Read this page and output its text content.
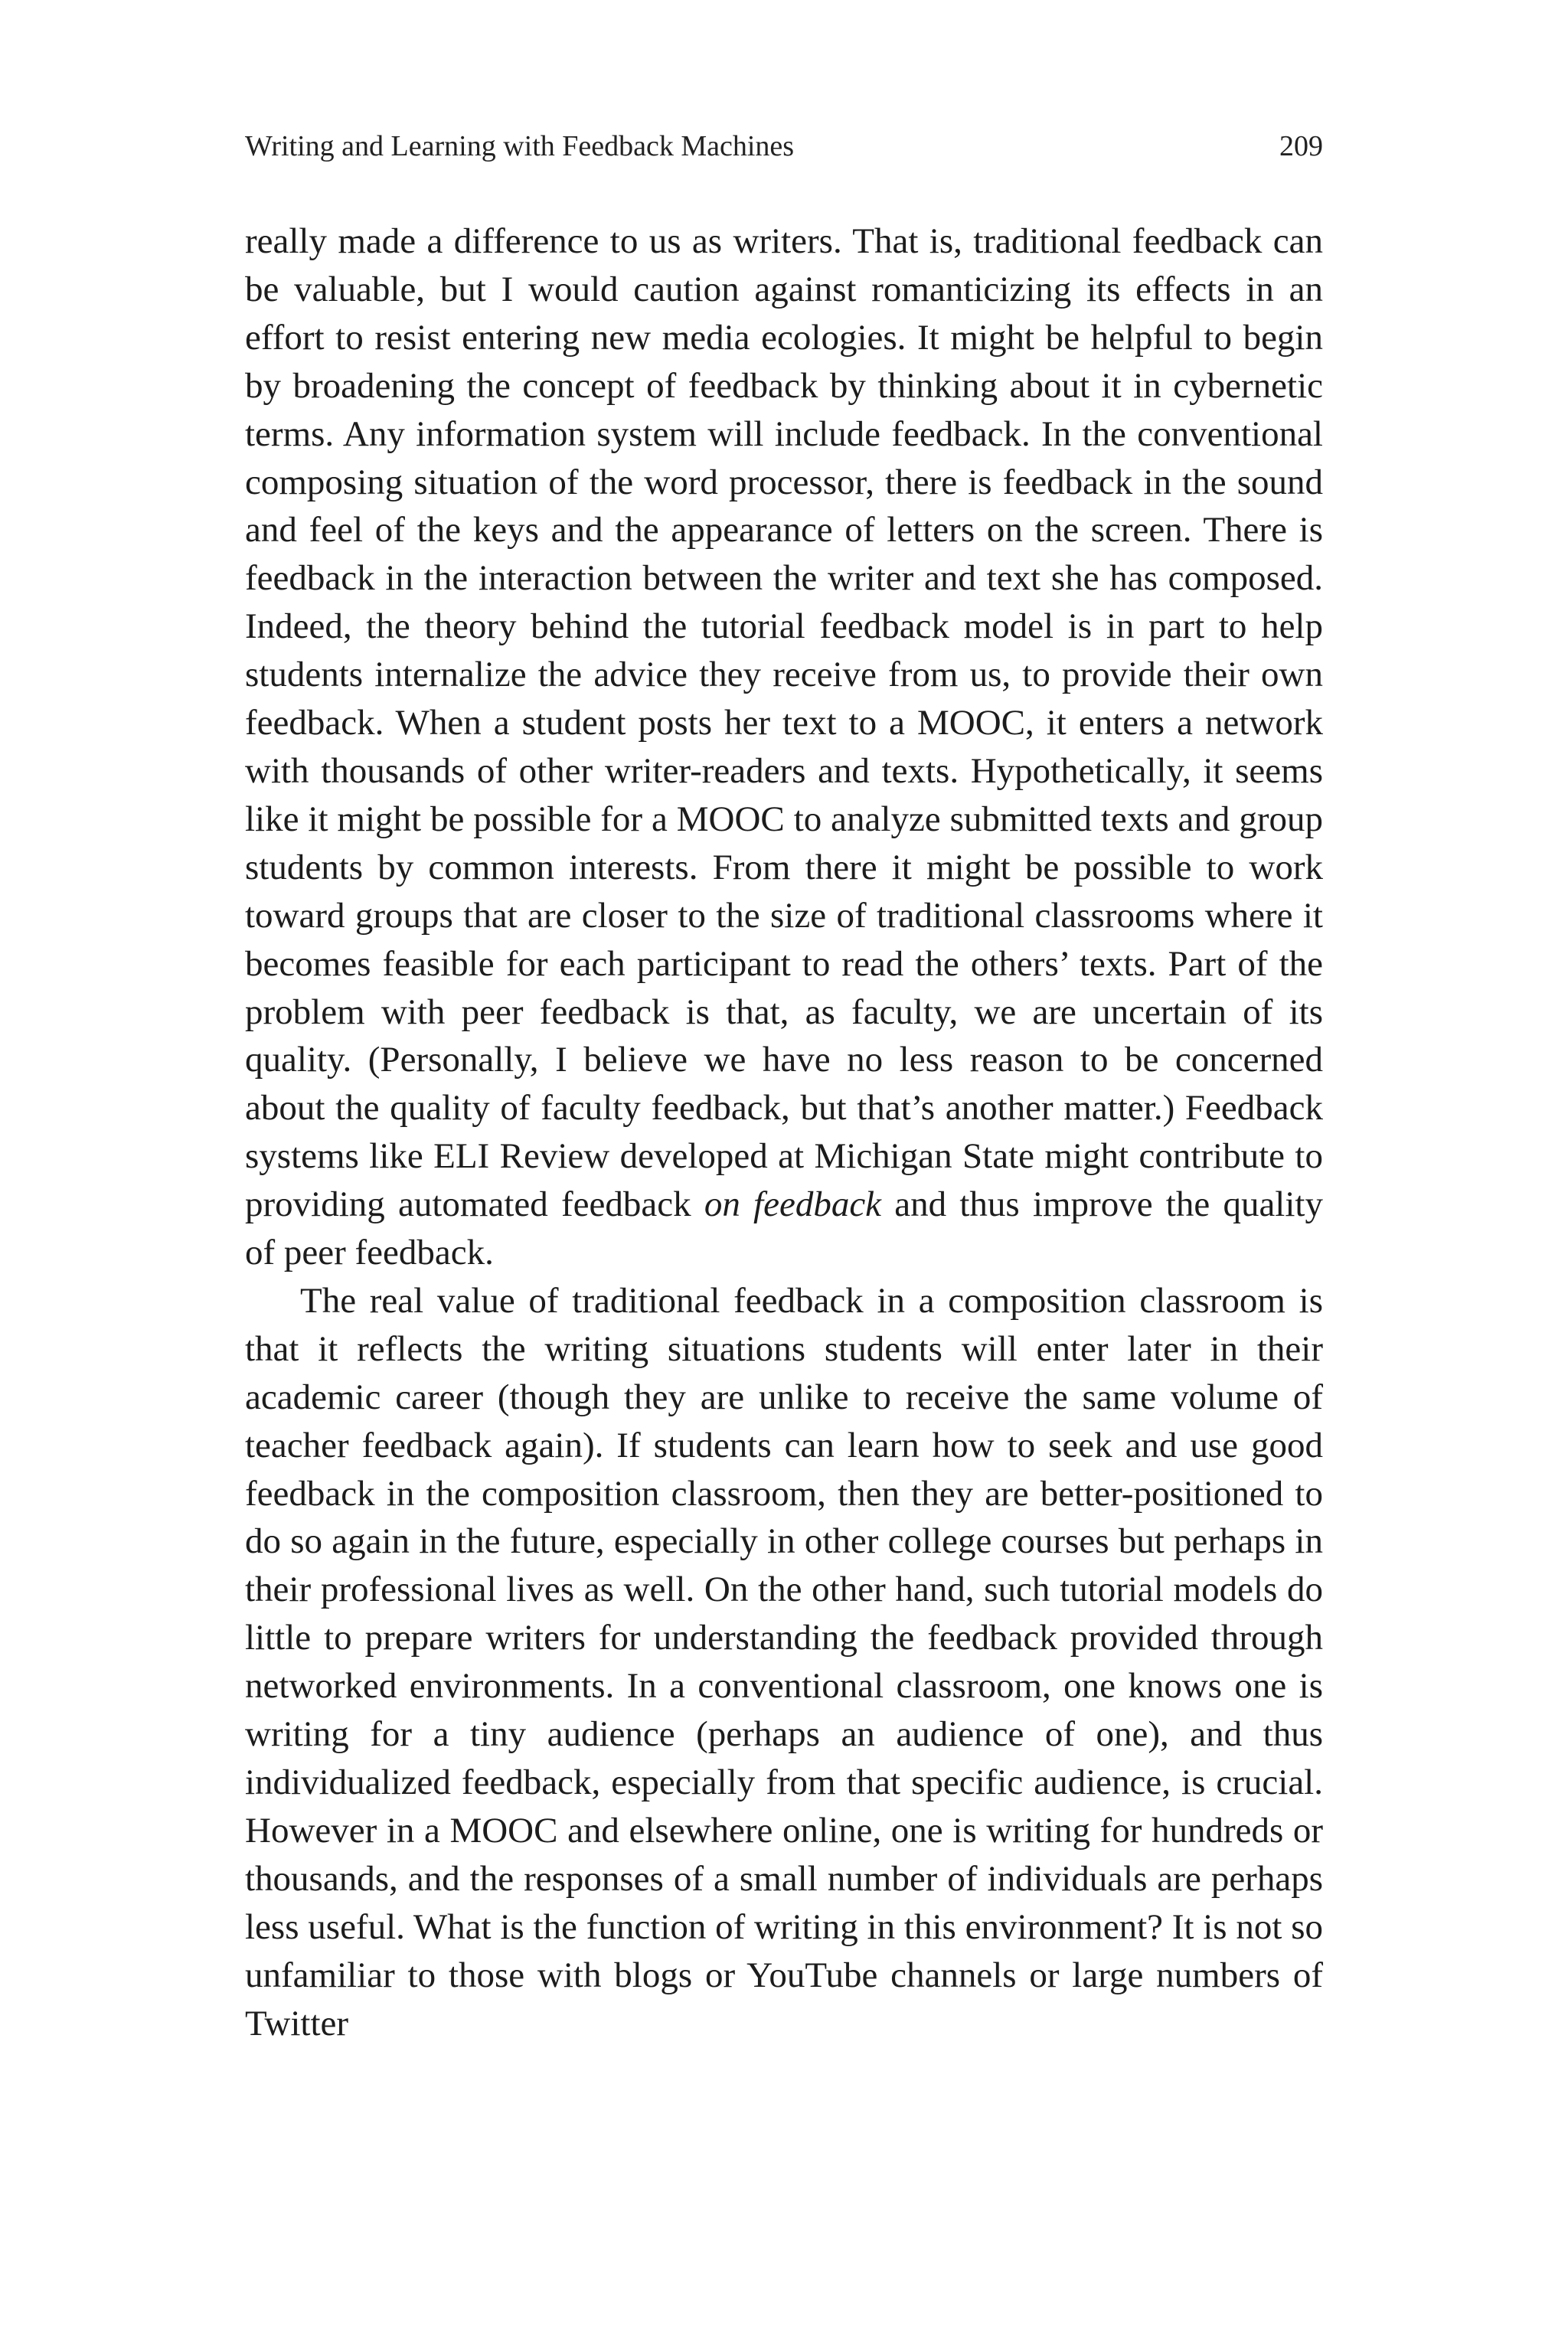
Writing and Learning with Feedback Machines	209

really made a difference to us as writers. That is, traditional feedback can be valuable, but I would caution against romanticizing its effects in an effort to resist entering new media ecologies. It might be helpful to begin by broadening the concept of feedback by thinking about it in cybernetic terms. Any information system will include feedback. In the conventional composing situation of the word processor, there is feedback in the sound and feel of the keys and the appearance of letters on the screen. There is feedback in the interaction between the writer and text she has composed. Indeed, the theory behind the tutorial feedback model is in part to help students internalize the advice they receive from us, to provide their own feedback. When a student posts her text to a MOOC, it enters a network with thousands of other writer-readers and texts. Hypothetically, it seems like it might be possible for a MOOC to analyze submitted texts and group students by common interests. From there it might be possible to work toward groups that are closer to the size of traditional classrooms where it becomes feasible for each participant to read the others’ texts. Part of the problem with peer feedback is that, as faculty, we are uncertain of its quality. (Personally, I believe we have no less reason to be concerned about the quality of faculty feedback, but that’s another matter.) Feedback systems like ELI Review developed at Michigan State might contribute to providing automated feedback on feedback and thus improve the quality of peer feedback.

The real value of traditional feedback in a composition classroom is that it reflects the writing situations students will enter later in their academic career (though they are unlike to receive the same volume of teacher feedback again). If students can learn how to seek and use good feedback in the composition classroom, then they are better-positioned to do so again in the future, especially in other college courses but perhaps in their professional lives as well. On the other hand, such tutorial models do little to prepare writers for understanding the feedback provided through networked environments. In a conventional classroom, one knows one is writing for a tiny audience (perhaps an audience of one), and thus individualized feedback, especially from that specific audience, is crucial. However in a MOOC and elsewhere online, one is writing for hundreds or thousands, and the responses of a small number of individuals are perhaps less useful. What is the function of writing in this environment? It is not so unfamiliar to those with blogs or YouTube channels or large numbers of Twitter
